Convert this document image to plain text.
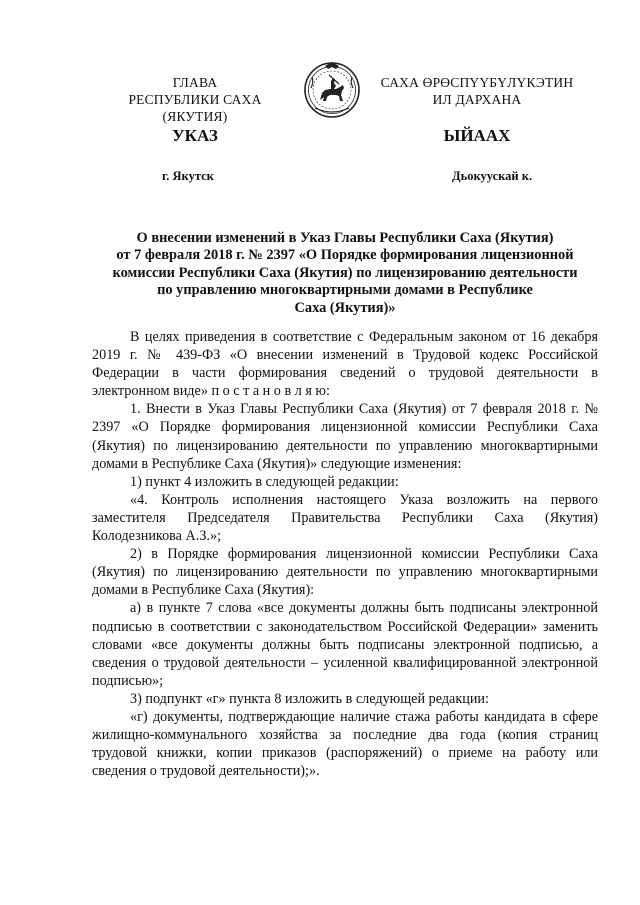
ГЛАВА
РЕСПУБЛИКИ САХА (ЯКУТИЯ)
САХА ӨРӨСПҮҮБҮЛҮКЭТИН
ИЛ ДАРХАНА
УКАЗ	ЫЙААХ
г. Якутск	Дьокуускай к.
О внесении изменений в Указ Главы Республики Саха (Якутия)
от 7 февраля 2018 г. № 2397 «О Порядке формирования лицензионной
комиссии Республики Саха (Якутия) по лицензированию деятельности
по управлению многоквартирными домами в Республике
Саха (Якутия)»

В целях приведения в соответствие с Федеральным законом от 16 декабря 2019 г. № 439-ФЗ «О внесении изменений в Трудовой кодекс Российской Федерации в части формирования сведений о трудовой деятельности в электронном виде» п о с т а н о в л я ю:

1. Внести в Указ Главы Республики Саха (Якутия) от 7 февраля 2018 г. № 2397 «О Порядке формирования лицензионной комиссии Республики Саха (Якутия) по лицензированию деятельности по управлению многоквартирными домами в Республике Саха (Якутия)» следующие изменения:

1) пункт 4 изложить в следующей редакции:

«4. Контроль исполнения настоящего Указа возложить на первого заместителя Председателя Правительства Республики Саха (Якутия) Колодезникова А.З.»;

2) в Порядке формирования лицензионной комиссии Республики Саха (Якутия) по лицензированию деятельности по управлению многоквартирными домами в Республике Саха (Якутия):

а) в пункте 7 слова «все документы должны быть подписаны электронной подписью в соответствии с законодательством Российской Федерации» заменить словами «все документы должны быть подписаны электронной подписью, а сведения о трудовой деятельности – усиленной квалифицированной электронной подписью»;

3) подпункт «г» пункта 8 изложить в следующей редакции:

«г) документы, подтверждающие наличие стажа работы кандидата в сфере жилищно-коммунального хозяйства за последние два года (копия страниц трудовой книжки, копии приказов (распоряжений) о приеме на работу или сведения о трудовой деятельности);».
